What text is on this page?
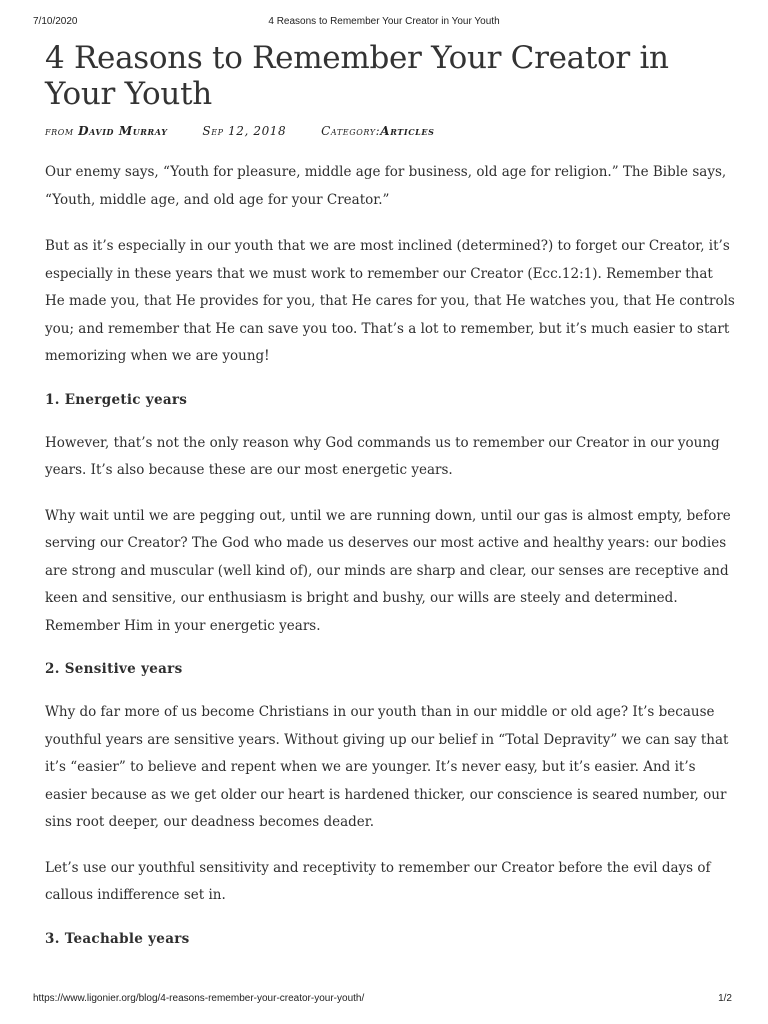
7/10/2020	4 Reasons to Remember Your Creator in Your Youth
4 Reasons to Remember Your Creator in Your Youth
from David Murray	Sep 12, 2018	Category:Articles

Our enemy says, “Youth for pleasure, middle age for business, old age for religion.” The Bible says, “Youth, middle age, and old age for your Creator.”

But as it’s especially in our youth that we are most inclined (determined?) to forget our Creator, it’s especially in these years that we must work to remember our Creator (Ecc.12:1). Remember that He made you, that He provides for you, that He cares for you, that He watches you, that He controls you; and remember that He can save you too. That’s a lot to remember, but it’s much easier to start memorizing when we are young!

1. Energetic years

However, that’s not the only reason why God commands us to remember our Creator in our young years. It’s also because these are our most energetic years.

Why wait until we are pegging out, until we are running down, until our gas is almost empty, before serving our Creator? The God who made us deserves our most active and healthy years: our bodies are strong and muscular (well kind of), our minds are sharp and clear, our senses are receptive and keen and sensitive, our enthusiasm is bright and bushy, our wills are steely and determined. Remember Him in your energetic years.

2. Sensitive years

Why do far more of us become Christians in our youth than in our middle or old age? It’s because youthful years are sensitive years. Without giving up our belief in “Total Depravity” we can say that it’s “easier” to believe and repent when we are younger. It’s never easy, but it’s easier. And it’s easier because as we get older our heart is hardened thicker, our conscience is seared number, our sins root deeper, our deadness becomes deader.

Let’s use our youthful sensitivity and receptivity to remember our Creator before the evil days of callous indifference set in.

3. Teachable years
https://www.ligonier.org/blog/4-reasons-remember-your-creator-your-youth/	1/2
